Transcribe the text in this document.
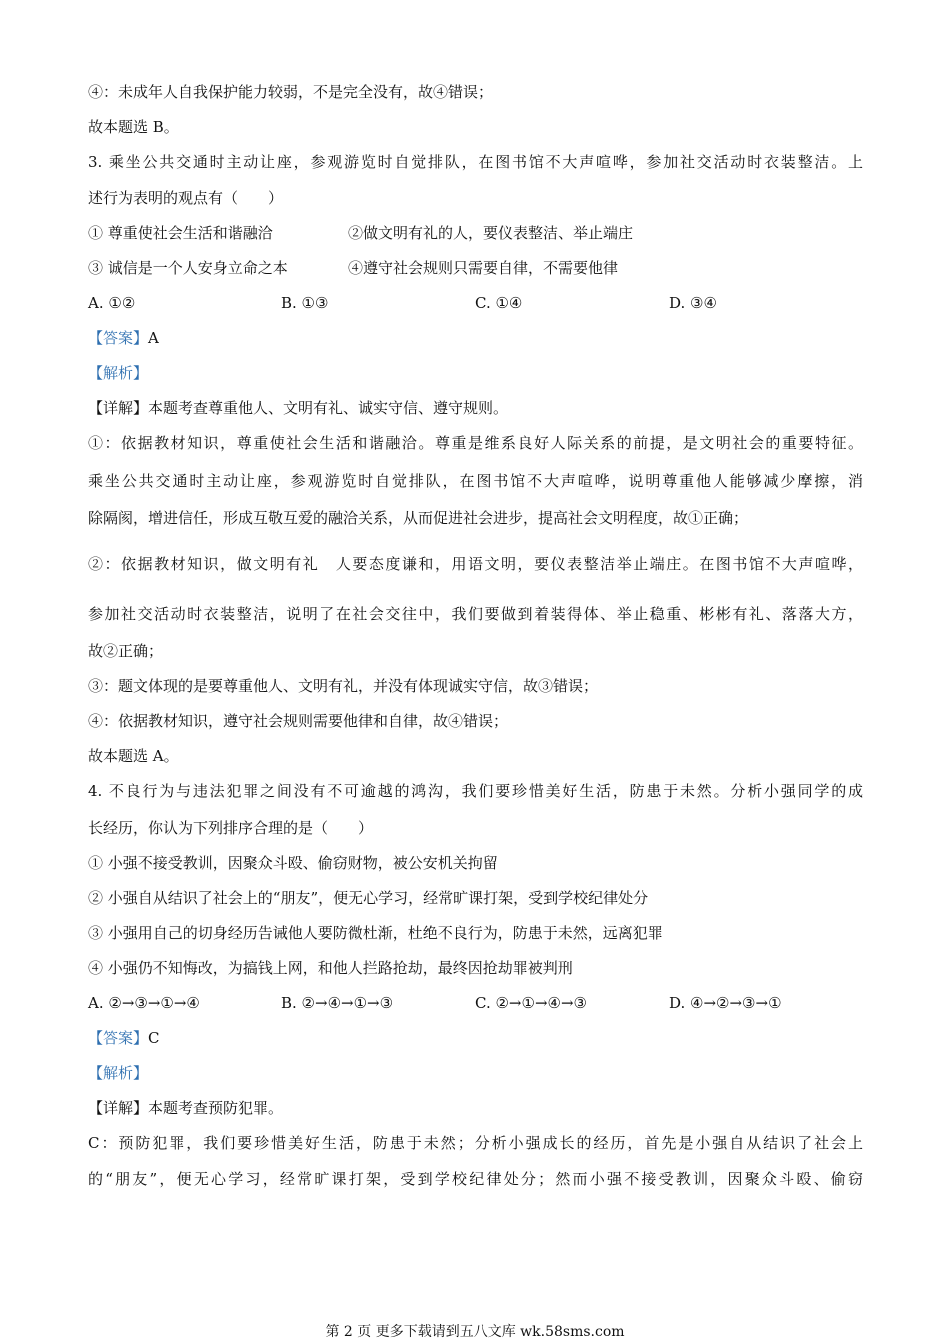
④：未成年人自我保护能力较弱，不是完全没有，故④错误；
故本题选 B。
3. 乘坐公共交通时主动让座，参观游览时自觉排队，在图书馆不大声喧哗，参加社交活动时衣装整洁。上
述行为表明的观点有（　　）
① 尊重使社会生活和谐融洽	②做文明有礼的人，要仪表整洁、举止端庄
③ 诚信是一个人安身立命之本	④遵守社会规则只需要自律，不需要他律
A. ①②	B. ①③	C. ①④	D. ③④
【答案】A
【解析】
【详解】本题考查尊重他人、文明有礼、诚实守信、遵守规则。
①：依据教材知识，尊重使社会生活和谐融洽。尊重是维系良好人际关系的前提，是文明社会的重要特征。
乘坐公共交通时主动让座，参观游览时自觉排队，在图书馆不大声喧哗，说明尊重他人能够减少摩擦，消
除隔阂，增进信任，形成互敬互爱的融洽关系，从而促进社会进步，提高社会文明程度，故①正确；
②：依据教材知识，做文明有礼　人要态度谦和，用语文明，要仪表整洁举止端庄。在图书馆不大声喧哗，
参加社交活动时衣装整洁，说明了在社会交往中，我们要做到着装得体、举止稳重、彬彬有礼、落落大方，
故②正确；
③：题文体现的是要尊重他人、文明有礼，并没有体现诚实守信，故③错误；
④：依据教材知识，遵守社会规则需要他律和自律，故④错误；
故本题选 A。
4. 不良行为与违法犯罪之间没有不可逾越的鸿沟，我们要珍惜美好生活，防患于未然。分析小强同学的成
长经历，你认为下列排序合理的是（　　）
① 小强不接受教训，因聚众斗殴、偷窃财物，被公安机关拘留
② 小强自从结识了社会上的“朋友”，便无心学习，经常旷课打架，受到学校纪律处分
③ 小强用自己的切身经历告诫他人要防微杜渐，杜绝不良行为，防患于未然，远离犯罪
④ 小强仍不知悔改，为搞钱上网，和他人拦路抢劫，最终因抢劫罪被判刑
A. ②→③→①→④	B. ②→④→①→③	C. ②→①→④→③	D. ④→②→③→①
【答案】C
【解析】
【详解】本题考查预防犯罪。
C：预防犯罪，我们要珍惜美好生活，防患于未然；分析小强成长的经历，首先是小强自从结识了社会上
的“朋友”，便无心学习，经常旷课打架，受到学校纪律处分；然而小强不接受教训，因聚众斗殴、偷窃
第 2 页 更多下载请到五八文库 wk.58sms.com
